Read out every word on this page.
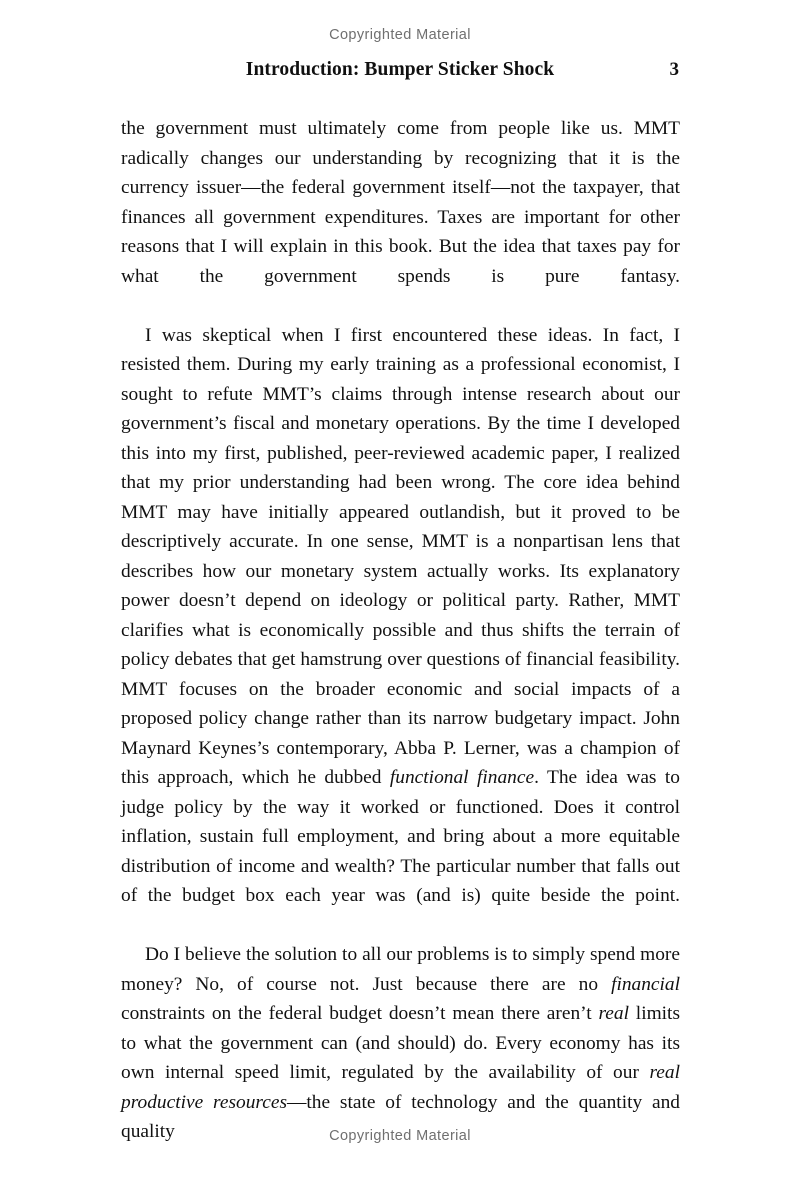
Copyrighted Material
Introduction: Bumper Sticker Shock	3

the government must ultimately come from people like us. MMT radically changes our understanding by recognizing that it is the currency issuer—the federal government itself—not the taxpayer, that finances all government expenditures. Taxes are important for other reasons that I will explain in this book. But the idea that taxes pay for what the government spends is pure fantasy.

I was skeptical when I first encountered these ideas. In fact, I resisted them. During my early training as a professional economist, I sought to refute MMT’s claims through intense research about our government’s fiscal and monetary operations. By the time I developed this into my first, published, peer-reviewed academic paper, I realized that my prior understanding had been wrong. The core idea behind MMT may have initially appeared outlandish, but it proved to be descriptively accurate. In one sense, MMT is a nonpartisan lens that describes how our monetary system actually works. Its explanatory power doesn’t depend on ideology or political party. Rather, MMT clarifies what is economically possible and thus shifts the terrain of policy debates that get hamstrung over questions of financial feasibility. MMT focuses on the broader economic and social impacts of a proposed policy change rather than its narrow budgetary impact. John Maynard Keynes’s contemporary, Abba P. Lerner, was a champion of this approach, which he dubbed functional finance. The idea was to judge policy by the way it worked or functioned. Does it control inflation, sustain full employment, and bring about a more equitable distribution of income and wealth? The particular number that falls out of the budget box each year was (and is) quite beside the point.

Do I believe the solution to all our problems is to simply spend more money? No, of course not. Just because there are no financial constraints on the federal budget doesn’t mean there aren’t real limits to what the government can (and should) do. Every economy has its own internal speed limit, regulated by the availability of our real productive resources—the state of technology and the quantity and quality	Copyrighted Material
